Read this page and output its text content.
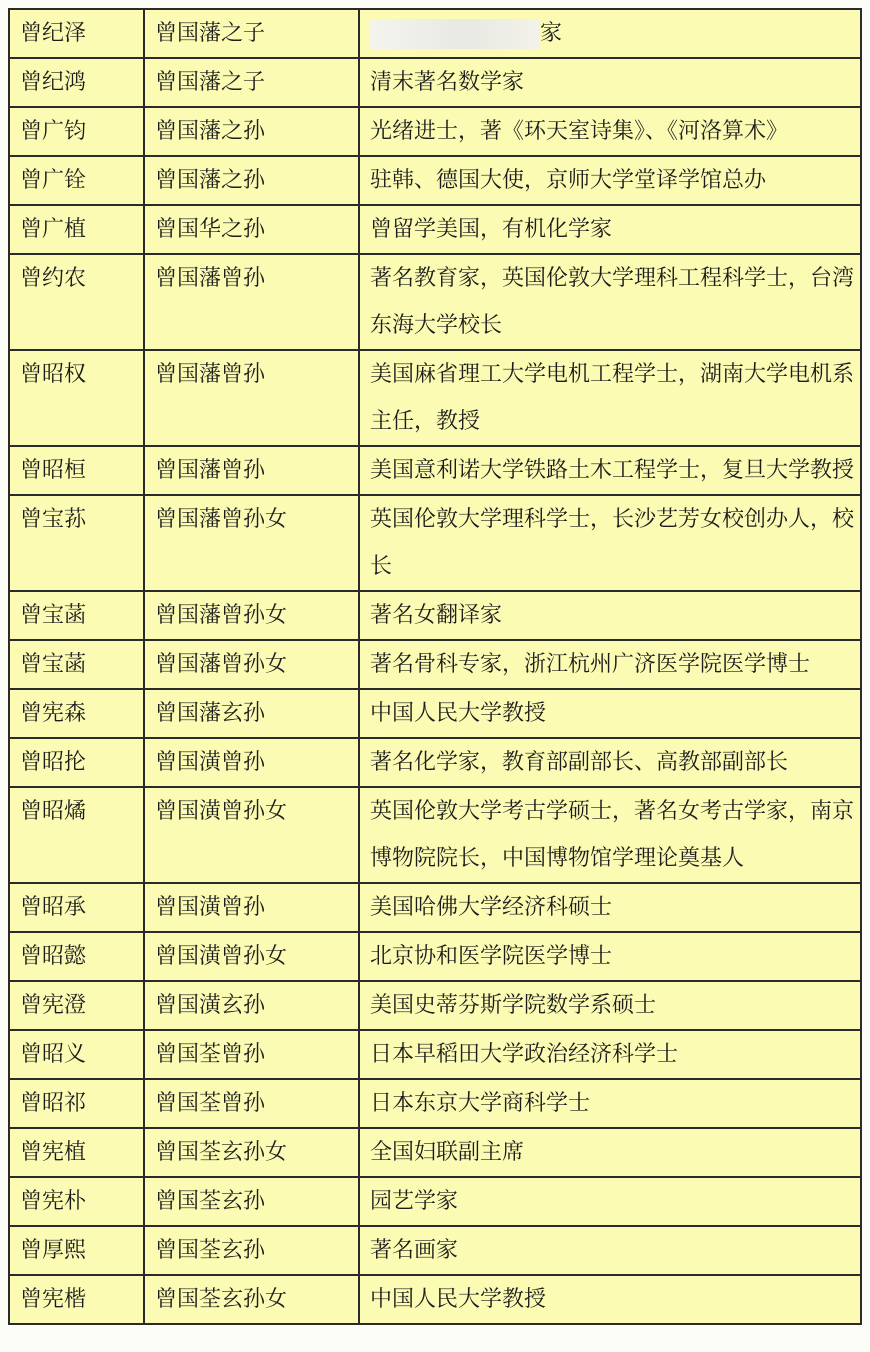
曾纪泽	曾国藩之子	家
曾纪鸿	曾国藩之子	清末著名数学家
曾广钧	曾国藩之孙	光绪进士，著《环天室诗集》、《河洛算术》
曾广铨	曾国藩之孙	驻韩、德国大使，京师大学堂译学馆总办
曾广植	曾国华之孙	曾留学美国，有机化学家
曾约农	曾国藩曾孙	著名教育家，英国伦敦大学理科工程科学士，台湾东海大学校长
曾昭权	曾国藩曾孙	美国麻省理工大学电机工程学士，湖南大学电机系主任，教授
曾昭桓	曾国藩曾孙	美国意利诺大学铁路土木工程学士，复旦大学教授
曾宝荪	曾国藩曾孙女	英国伦敦大学理科学士，长沙艺芳女校创办人，校长
曾宝菡	曾国藩曾孙女	著名女翻译家
曾宝菡	曾国藩曾孙女	著名骨科专家，浙江杭州广济医学院医学博士
曾宪森	曾国藩玄孙	中国人民大学教授
曾昭抡	曾国潢曾孙	著名化学家，教育部副部长、高教部副部长
曾昭燏	曾国潢曾孙女	英国伦敦大学考古学硕士，著名女考古学家，南京博物院院长，中国博物馆学理论奠基人
曾昭承	曾国潢曾孙	美国哈佛大学经济科硕士
曾昭懿	曾国潢曾孙女	北京协和医学院医学博士
曾宪澄	曾国潢玄孙	美国史蒂芬斯学院数学系硕士
曾昭义	曾国荃曾孙	日本早稻田大学政治经济科学士
曾昭祁	曾国荃曾孙	日本东京大学商科学士
曾宪植	曾国荃玄孙女	全国妇联副主席
曾宪朴	曾国荃玄孙	园艺学家
曾厚熙	曾国荃玄孙	著名画家
曾宪楷	曾国荃玄孙女	中国人民大学教授
